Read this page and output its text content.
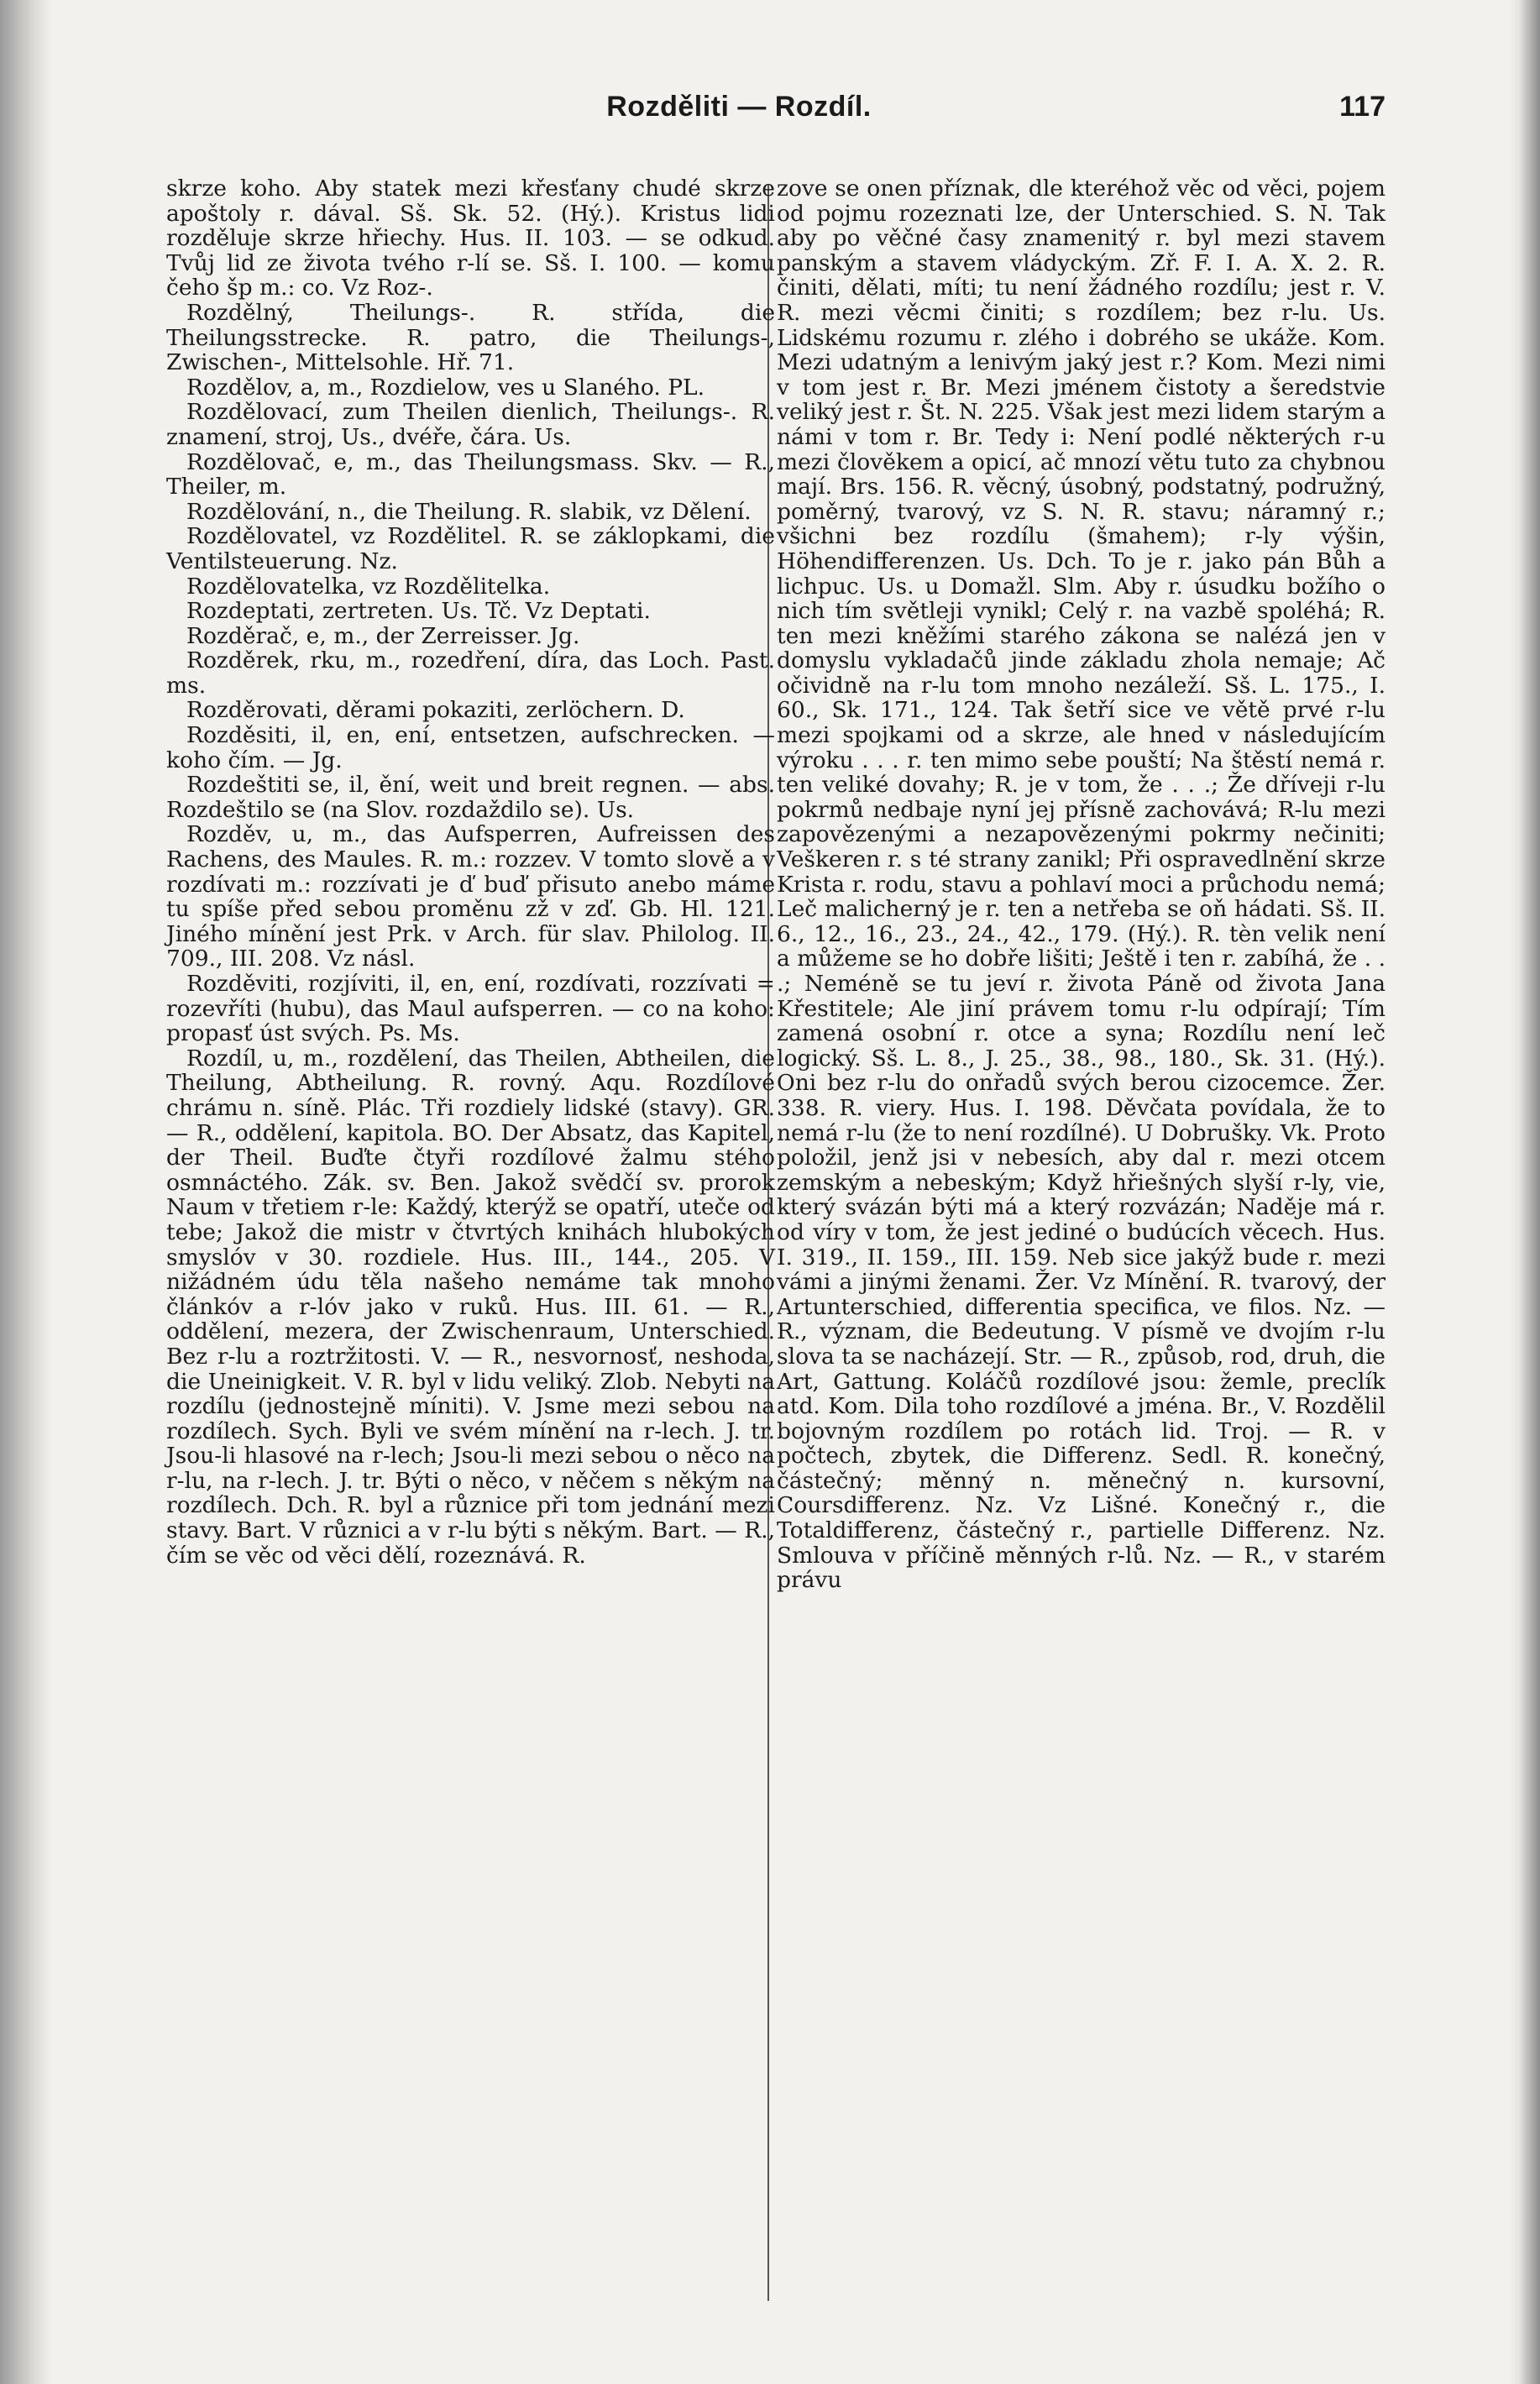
Rozděliti — Rozdíl.	117

skrze koho. Aby statek mezi křesťany chudé skrze apoštoly r. dával. Sš. Sk. 52. (Hý.). Kristus lidi rozděluje skrze hřiechy. Hus. II. 103. — se odkud. Tvůj lid ze života tvého r-lí se. Sš. I. 100. — komu čeho šp m.: co. Vz Roz-.

Rozdělný, Theilungs-. R. střída, die Theilungsstrecke. R. patro, die Theilungs-, Zwischen-, Mittelsohle. Hř. 71.

Rozdělov, a, m., Rozdielow, ves u Slaného. PL.

Rozdělovací, zum Theilen dienlich, Theilungs-. R. znamení, stroj, Us., dvéře, čára. Us.

Rozdělovač, e, m., das Theilungsmass. Skv. — R., Theiler, m.

Rozdělování, n., die Theilung. R. slabik, vz Dělení.

Rozdělovatel, vz Rozdělitel. R. se záklopkami, die Ventilsteuerung. Nz.

Rozdělovatelka, vz Rozdělitelka.

Rozdeptati, zertreten. Us. Tč. Vz Deptati.

Rozděrač, e, m., der Zerreisser. Jg.

Rozděrek, rku, m., rozedření, díra, das Loch. Past. ms.

Rozděrovati, děrami pokaziti, zerlöchern. D.

Rozděsiti, il, en, ení, entsetzen, aufschrecken. — koho čím. — Jg.

Rozdeštiti se, il, ění, weit und breit regnen. — abs. Rozdeštilo se (na Slov. rozdaždilo se). Us.

Rozděv, u, m., das Aufsperren, Aufreissen des Rachens, des Maules. R. m.: rozzev. V tomto slově a v rozdívati m.: rozzívati je ď buď přisuto anebo máme tu spíše před sebou proměnu zž v zď. Gb. Hl. 121. Jiného mínění jest Prk. v Arch. für slav. Philolog. II. 709., III. 208. Vz násl.

Rozděviti, rozjíviti, il, en, ení, rozdívati, rozzívati = rozevříti (hubu), das Maul aufsperren. — co na koho: propasť úst svých. Ps. Ms.

Rozdíl, u, m., rozdělení, das Theilen, Abtheilen, die Theilung, Abtheilung. R. rovný. Aqu. Rozdílové chrámu n. síně. Plác. Tři rozdiely lidské (stavy). GR. — R., oddělení, kapitola. BO. Der Absatz, das Kapitel, der Theil. Buďte čtyři rozdílové žalmu stého osmnáctého. Zák. sv. Ben. Jakož svědčí sv. prorok Naum v třetiem r-le: Každý, kterýž se opatří, uteče od tebe; Jakož die mistr v čtvrtých knihách hlubokých smyslóv v 30. rozdiele. Hus. III., 144., 205. V nižádném údu těla našeho nemáme tak mnoho článkóv a r-lóv jako v ruků. Hus. III. 61. — R., oddělení, mezera, der Zwischenraum, Unterschied. Bez r-lu a roztržitosti. V. — R., nesvornosť, neshoda, die Uneinigkeit. V. R. byl v lidu veliký. Zlob. Nebyti na rozdílu (jednostejně míniti). V. Jsme mezi sebou na rozdílech. Sych. Byli ve svém mínění na r-lech. J. tr. Jsou-li hlasové na r-lech; Jsou-li mezi sebou o něco na r-lu, na r-lech. J. tr. Býti o něco, v něčem s někým na rozdílech. Dch. R. byl a různice při tom jednání mezi stavy. Bart. V různici a v r-lu býti s někým. Bart. — R., čím se věc od věci dělí, rozeznává. R.

zove se onen příznak, dle kteréhož věc od věci, pojem od pojmu rozeznati lze, der Unterschied. S. N. Tak aby po věčné časy znamenitý r. byl mezi stavem panským a stavem vládyckým. Zř. F. I. A. X. 2. R. činiti, dělati, míti; tu není žádného rozdílu; jest r. V. R. mezi věcmi činiti; s rozdílem; bez r-lu. Us. Lidskému rozumu r. zlého i dobrého se ukáže. Kom. Mezi udatným a lenivým jaký jest r.? Kom. Mezi nimi v tom jest r. Br. Mezi jménem čistoty a šeredstvie veliký jest r. Št. N. 225. Však jest mezi lidem starým a námi v tom r. Br. Tedy i: Není podlé některých r-u mezi člověkem a opicí, ač mnozí větu tuto za chybnou mají. Brs. 156. R. věcný, úsobný, podstatný, podružný, poměrný, tvarový, vz S. N. R. stavu; náramný r.; všichni bez rozdílu (šmahem); r-ly výšin, Höhendifferenzen. Us. Dch. To je r. jako pán Bůh a lichpuc. Us. u Domažl. Slm. Aby r. úsudku božího o nich tím světleji vynikl; Celý r. na vazbě spoléhá; R. ten mezi kněžími starého zákona se nalézá jen v domyslu vykladačů jinde základu zhola nemaje; Ač očividně na r-lu tom mnoho nezáleží. Sš. L. 175., I. 60., Sk. 171., 124. Tak šetří sice ve větě prvé r-lu mezi spojkami od a skrze, ale hned v následujícím výroku . . . r. ten mimo sebe pouští; Na štěstí nemá r. ten veliké dovahy; R. je v tom, že . . .; Že dříveji r-lu pokrmů nedbaje nyní jej přísně zachovává; R-lu mezi zapovězenými a nezapovězenými pokrmy nečiniti; Veškeren r. s té strany zanikl; Při ospravedlnění skrze Krista r. rodu, stavu a pohlaví moci a průchodu nemá; Leč malicherný je r. ten a netřeba se oň hádati. Sš. II. 6., 12., 16., 23., 24., 42., 179. (Hý.). R. tèn velik není a můžeme se ho dobře lišiti; Ještě i ten r. zabíhá, že . . .; Neméně se tu jeví r. života Páně od života Jana Křestitele; Ale jiní právem tomu r-lu odpírají; Tím zamená osobní r. otce a syna; Rozdílu není leč logický. Sš. L. 8., J. 25., 38., 98., 180., Sk. 31. (Hý.). Oni bez r-lu do onřadů svých berou cizocemce. Žer. 338. R. viery. Hus. I. 198. Děvčata povídala, že to nemá r-lu (že to není rozdílné). U Dobrušky. Vk. Proto položil, jenž jsi v nebesích, aby dal r. mezi otcem zemským a nebeským; Když hřiešných slyší r-ly, vie, který svázán býti má a který rozvázán; Naděje má r. od víry v tom, že jest jediné o budúcích věcech. Hus. I. 319., II. 159., III. 159. Neb sice jakýž bude r. mezi vámi a jinými ženami. Žer. Vz Mínění. R. tvarový, der Artunterschied, differentia specifica, ve filos. Nz. — R., význam, die Bedeutung. V písmě ve dvojím r-lu slova ta se nacházejí. Str. — R., způsob, rod, druh, die Art, Gattung. Koláčů rozdílové jsou: žemle, preclík atd. Kom. Dila toho rozdílové a jména. Br., V. Rozdělil bojovným rozdílem po rotách lid. Troj. — R. v počtech, zbytek, die Differenz. Sedl. R. konečný, částečný; měnný n. měnečný n. kursovní, Coursdifferenz. Nz. Vz Lišné. Konečný r., die Totaldifferenz, částečný r., partielle Differenz. Nz. Smlouva v příčině měnných r-lů. Nz. — R., v starém právu
